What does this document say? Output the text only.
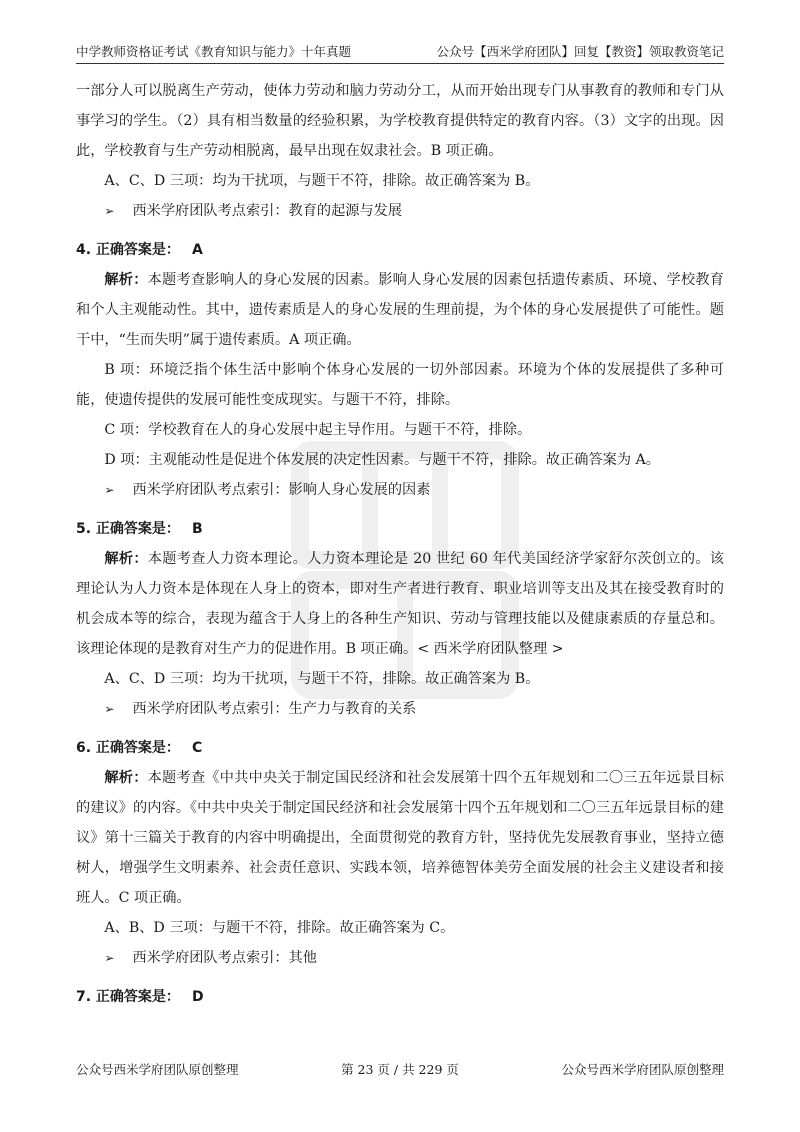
中学教师资格证考试《教育知识与能力》十年真题	公众号【西米学府团队】回复【教资】领取教资笔记

一部分人可以脱离生产劳动，使体力劳动和脑力劳动分工，从而开始出现专门从事教育的教师和专门从事学习的学生。（2）具有相当数量的经验积累，为学校教育提供特定的教育内容。（3）文字的出现。因此，学校教育与生产劳动相脱离，最早出现在奴隶社会。B 项正确。

A、C、D 三项：均为干扰项，与题干不符，排除。故正确答案为 B。

➢ 西米学府团队考点索引：教育的起源与发展

4. 正确答案是： A

解析：本题考查影响人的身心发展的因素。影响人身心发展的因素包括遗传素质、环境、学校教育和个人主观能动性。其中，遗传素质是人的身心发展的生理前提，为个体的身心发展提供了可能性。题干中，“生而失明”属于遗传素质。A 项正确。

B 项：环境泛指个体生活中影响个体身心发展的一切外部因素。环境为个体的发展提供了多种可能，使遗传提供的发展可能性变成现实。与题干不符，排除。

C 项：学校教育在人的身心发展中起主导作用。与题干不符，排除。

D 项：主观能动性是促进个体发展的决定性因素。与题干不符，排除。故正确答案为 A。

➢ 西米学府团队考点索引：影响人身心发展的因素

5. 正确答案是： B

解析：本题考查人力资本理论。人力资本理论是 20 世纪 60 年代美国经济学家舒尔茨创立的。该理论认为人力资本是体现在人身上的资本，即对生产者进行教育、职业培训等支出及其在接受教育时的机会成本等的综合，表现为蕴含于人身上的各种生产知识、劳动与管理技能以及健康素质的存量总和。该理论体现的是教育对生产力的促进作用。B 项正确。< 西米学府团队整理 >

A、C、D 三项：均为干扰项，与题干不符，排除。故正确答案为 B。

➢ 西米学府团队考点索引：生产力与教育的关系

6. 正确答案是： C

解析：本题考查《中共中央关于制定国民经济和社会发展第十四个五年规划和二〇三五年远景目标的建议》的内容。《中共中央关于制定国民经济和社会发展第十四个五年规划和二〇三五年远景目标的建议》第十三篇关于教育的内容中明确提出，全面贯彻党的教育方针，坚持优先发展教育事业，坚持立德树人，增强学生文明素养、社会责任意识、实践本领，培养德智体美劳全面发展的社会主义建设者和接班人。C 项正确。

A、B、D 三项：与题干不符，排除。故正确答案为 C。

➢ 西米学府团队考点索引：其他

7. 正确答案是： D

公众号西米学府团队原创整理	第 23 页 / 共 229 页	公众号西米学府团队原创整理
